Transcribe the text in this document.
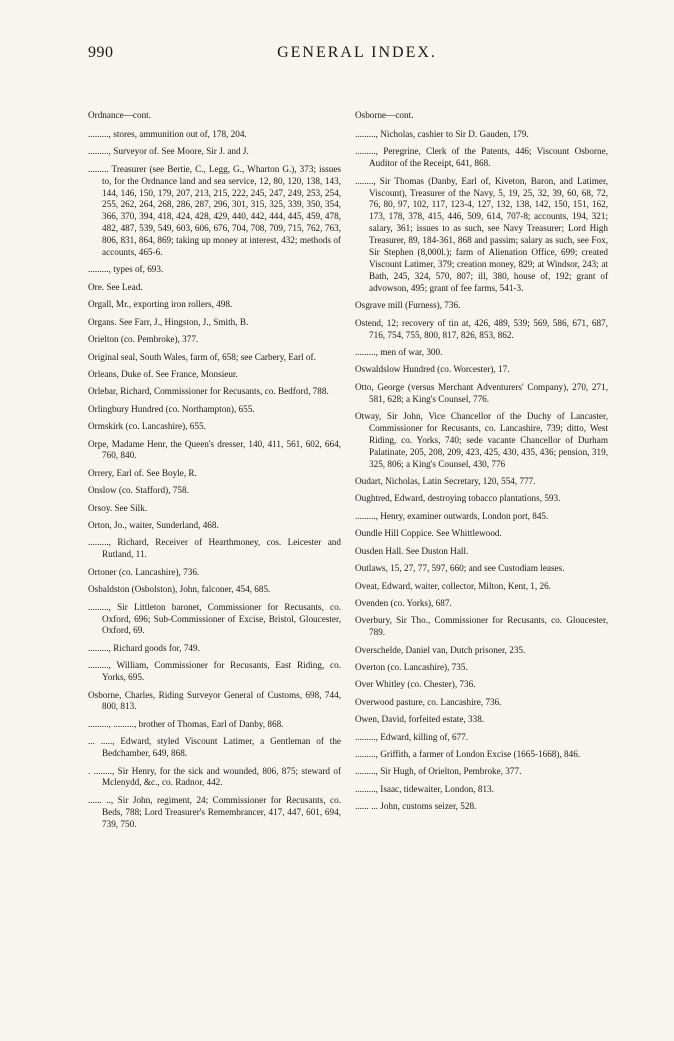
990	GENERAL INDEX.
Ordnance—cont.
........., stores, ammunition out of, 178, 204.
........., Surveyor of. See Moore, Sir J. and J.
......... Treasurer (see Bertie, C., Legg, G., Wharton G.), 373; issues to, for the Ordnance land and sea service, 12, 80, 120, 138, 143, 144, 146, 150, 179, 207, 213, 215, 222, 245, 247, 249, 253, 254, 255, 262, 264, 268, 286, 287, 296, 301, 315, 325, 339, 350, 354, 366, 370, 394, 418, 424, 428, 429, 440, 442, 444, 445, 459, 478, 482, 487, 539, 549, 603, 606, 676, 704, 708, 709, 715, 762, 763, 806, 831, 864, 869; taking up money at interest, 432; methods of accounts, 465-6.
........., types of, 693.
Ore. See Lead.
Orgall, Mr., exporting iron rollers, 498.
Organs. See Farr, J., Hingston, J., Smith, B.
Orielton (co. Pembroke), 377.
Original seal, South Wales, farm of, 658; see Carbery, Earl of.
Orleans, Duke of. See France, Monsieur.
Orlebar, Richard, Commissioner for Recusants, co. Bedford, 788.
Orlingbury Hundred (co. Northampton), 655.
Ormskirk (co. Lancashire), 655.
Orpe, Madame Henr, the Queen's dresser, 140, 411, 561, 602, 664, 760, 840.
Orrery, Earl of. See Boyle, R.
Onslow (co. Stafford), 758.
Orsoy. See Silk.
Orton, Jo., waiter, Sunderland, 468.
........., Richard, Receiver of Hearthmoney, cos. Leicester and Rutland, 11.
Ortoner (co. Lancashire), 736.
Osbaldston (Osbolston), John, falconer, 454, 685.
........., Sir Littleton baronet, Commissioner for Recusants, co. Oxford, 696; Sub-Commissioner of Excise, Bristol, Gloucester, Oxford, 69.
........., Richard goods for, 749.
........., William, Commissioner for Recusants, East Riding, co. Yorks, 695.
Osborne, Charles, Riding Surveyor General of Customs, 698, 744, 800, 813.
........., ........., brother of Thomas, Earl of Danby, 868.
... ....., Edward, styled Viscount Latimer, a Gentleman of the Bedchamber, 649, 868.
. ........, Sir Henry, for the sick and wounded, 806, 875; steward of Mclenydd, &c., co. Radnor, 442.
...... .., Sir John, regiment, 24; Commissioner for Recusants, co. Beds, 788; Lord Treasurer's Remembrancer, 417, 447, 601, 694, 739, 750.
Osborne—cont.
........., Nicholas, cashier to Sir D. Gauden, 179.
........., Peregrine, Clerk of the Patents, 446; Viscount Osborne, Auditor of the Receipt, 641, 868.
........, Sir Thomas (Danby, Earl of, Kiveton, Baron, and Latimer, Viscount), Treasurer of the Navy, 5, 19, 25, 32, 39, 60, 68, 72, 76, 80, 97, 102, 117, 123-4, 127, 132, 138, 142, 150, 151, 162, 173, 178, 378, 415, 446, 509, 614, 707-8; accounts, 194, 321; salary, 361; issues to as such, see Navy Treasurer; Lord High Treasurer, 89, 184-361, 868 and passim; salary as such, see Fox, Sir Stephen (8,000l.); farm of Alienation Office, 699; created Viscount Latimer, 379; creation money, 829; at Windsor, 243; at Bath, 245, 324, 570, 807; ill, 380, house of, 192; grant of advowson, 495; grant of fee farms, 541-3.
Osgrave mill (Furness), 736.
Ostend, 12; recovery of tin at, 426, 489, 539; 569, 586, 671, 687, 716, 754, 755, 800, 817, 826, 853, 862.
........., men of war, 300.
Oswaldslow Hundred (co. Worcester), 17.
Otto, George (versus Merchant Adventurers' Company), 270, 271, 581, 628; a King's Counsel, 776.
Otway, Sir John, Vice Chancellor of the Duchy of Lancaster, Commissioner for Recusants, co. Lancashire, 739; ditto, West Riding, co. Yorks, 740; sede vacante Chancellor of Durham Palatinate, 205, 208, 209, 423, 425, 430, 435, 436; pension, 319, 325, 806; a King's Counsel, 430, 776
Oudart, Nicholas, Latin Secretary, 120, 554, 777.
Oughtred, Edward, destroying tobacco plantations, 593.
........., Henry, examiner outwards, London port, 845.
Oundle Hill Coppice. See Whittlewood.
Ousden Hall. See Duston Hall.
Outlaws, 15, 27, 77, 597, 660; and see Custodiam leases.
Oveat, Edward, waiter, collector, Milton, Kent, 1, 26.
Ovenden (co. Yorks), 687.
Overbury, Sir Tho., Commissioner for Recusants, co. Gloucester, 789.
Overschelde, Daniel van, Dutch prisoner, 235.
Overton (co. Lancashire), 735.
Over Whitley (co. Chester), 736.
Overwood pasture, co. Lancashire, 736.
Owen, David, forfeited estate, 338.
........., Edward, killing of, 677.
........., Griffith, a farmer of London Excise (1665-1668), 846.
........., Sir Hugh, of Orielton, Pembroke, 377.
........., Isaac, tidewaiter, London, 813.
...... ... John, customs seizer, 528.
